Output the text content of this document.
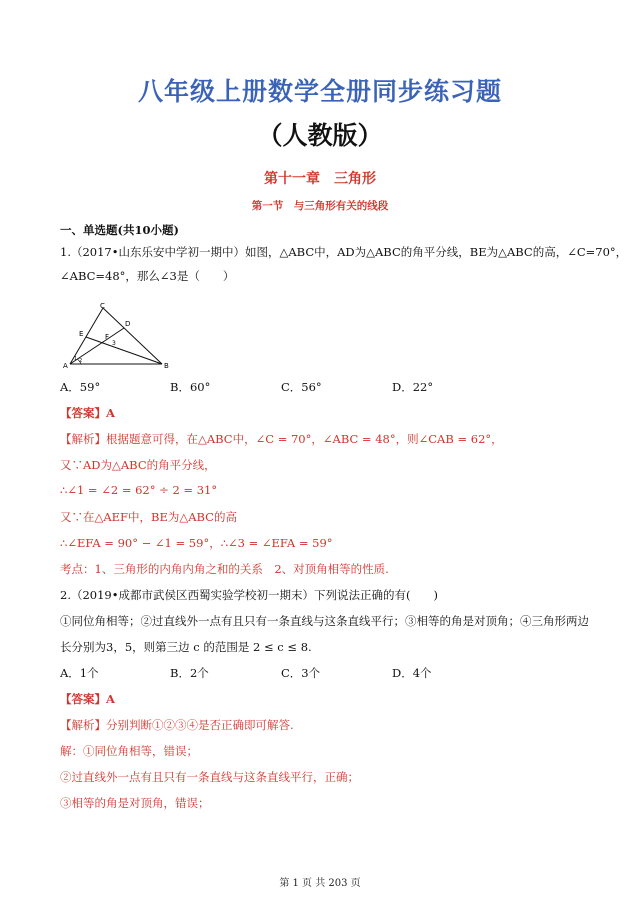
八年级上册数学全册同步练习题
（人教版）
第十一章　三角形
第一节　与三角形有关的线段
一、单选题(共10小题)
1.（2017•山东乐安中学初一期中）如图，△ABC中，AD为△ABC的角平分线，BE为△ABC的高，∠C=70°，
∠ABC=48°，那么∠3是（　　）
C
E
D
F
3
A
1 2
B
A．59°	B．60°	C．56°	D．22°
【答案】A
【解析】根据题意可得，在△ABC中，∠C = 70°，∠ABC = 48°，则∠CAB = 62°，
又∵AD为△ABC的角平分线，
∴∠1 = ∠2 = 62° ÷ 2 = 31°
又∵在△AEF中，BE为△ABC的高
∴∠EFA = 90° − ∠1 = 59°，∴∠3 = ∠EFA = 59°
考点：1、三角形的内角内角之和的关系　2、对顶角相等的性质.
2.（2019•成都市武侯区西蜀实验学校初一期末）下列说法正确的有(　　)
①同位角相等；②过直线外一点有且只有一条直线与这条直线平行；③相等的角是对顶角；④三角形两边
长分别为3，5，则第三边 c 的范围是 2 ≤ c ≤ 8.
A．1个	B．2个	C．3个	D．4个
【答案】A
【解析】分别判断①②③④是否正确即可解答.
解：①同位角相等，错误；
②过直线外一点有且只有一条直线与这条直线平行，正确；
③相等的角是对顶角，错误；
第 1 页 共 203 页
